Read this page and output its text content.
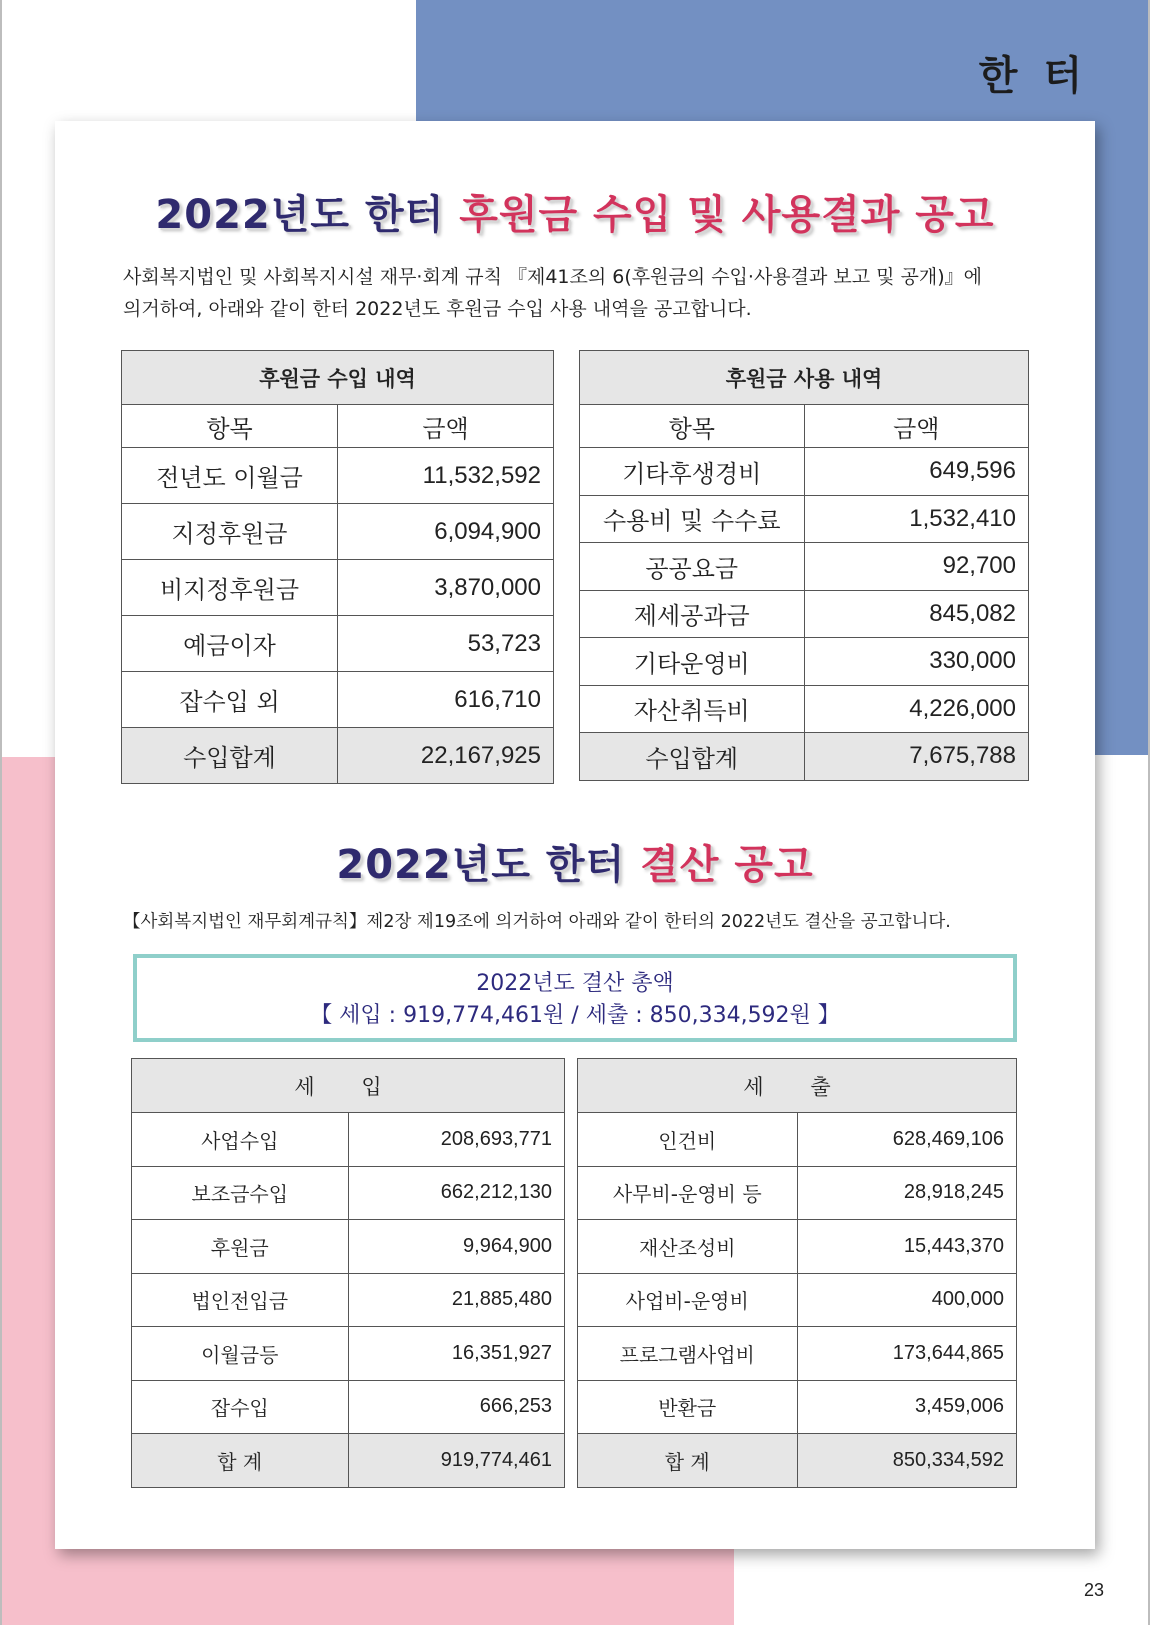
한 터
2022년도 한터 후원금 수입 및 사용결과 공고
사회복지법인 및 사회복지시설 재무·회계 규칙 『제41조의 6(후원금의 수입·사용결과 보고 및 공개)』에
의거하여, 아래와 같이 한터 2022년도 후원금 수입 사용 내역을 공고합니다.
후원금 수입 내역	
항목	금액
전년도 이월금	11,532,592
지정후원금	6,094,900
비지정후원금	3,870,000
예금이자	53,723
잡수입 외	616,710
수입합계	22,167,925
후원금 사용 내역	
항목	금액
기타후생경비	649,596
수용비 및 수수료	1,532,410
공공요금	92,700
제세공과금	845,082
기타운영비	330,000
자산취득비	4,226,000
수입합계	7,675,788
2022년도 한터 결산 공고
【사회복지법인 재무회계규칙】제2장 제19조에 의거하여 아래와 같이 한터의 2022년도 결산을 공고합니다.
2022년도 결산 총액
【 세입 : 919,774,461원 / 세출 : 850,334,592원 】
세 입	
사업수입	208,693,771
보조금수입	662,212,130
후원금	9,964,900
법인전입금	21,885,480
이월금등	16,351,927
잡수입	666,253
합 계	919,774,461
세 출	
인건비	628,469,106
사무비-운영비 등	28,918,245
재산조성비	15,443,370
사업비-운영비	400,000
프로그램사업비	173,644,865
반환금	3,459,006
합 계	850,334,592
23
